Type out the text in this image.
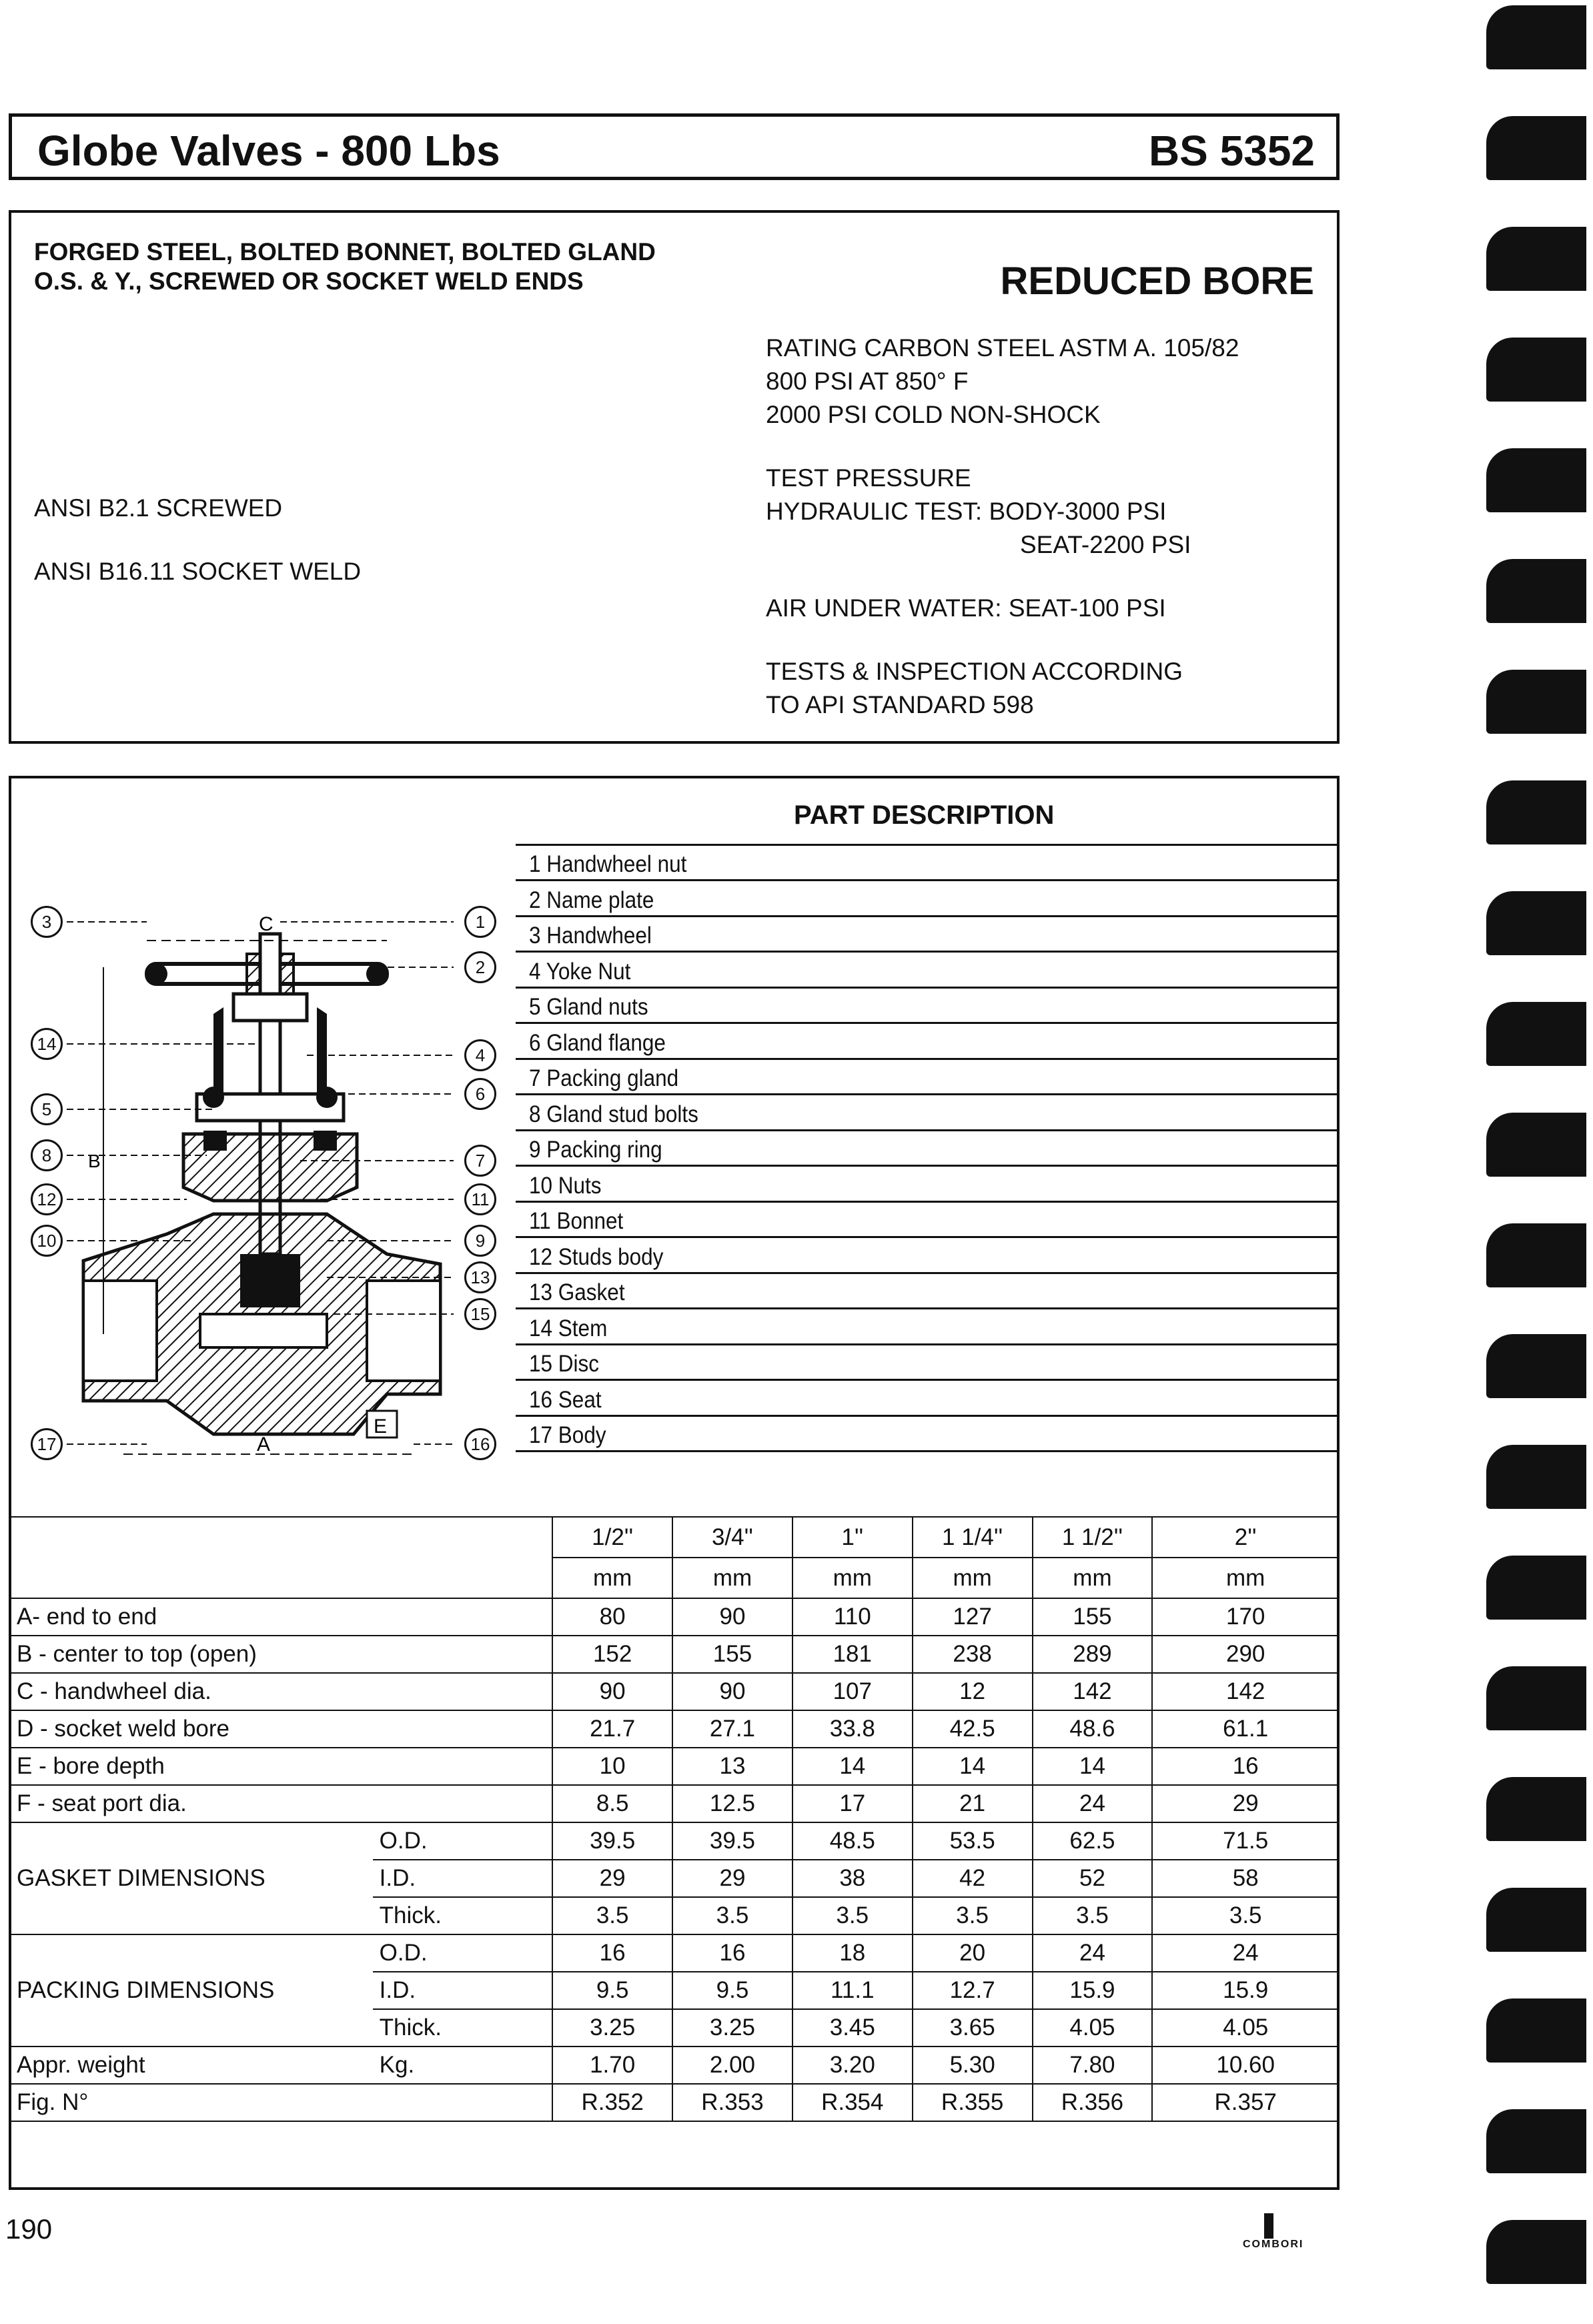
Globe Valves - 800 Lbs	BS 5352
FORGED STEEL, BOLTED BONNET, BOLTED GLAND
O.S. & Y., SCREWED OR SOCKET WELD ENDS	REDUCED BORE
RATING CARBON STEEL ASTM A. 105/82
800 PSI AT 850° F
2000 PSI COLD NON-SHOCK
TEST PRESSURE
HYDRAULIC TEST: BODY-3000 PSI
SEAT-2200 PSI
AIR UNDER WATER: SEAT-100 PSI
TESTS & INSPECTION ACCORDING
TO API STANDARD 598
ANSI B2.1 SCREWED
ANSI B16.11 SOCKET WELD
PART DESCRIPTION
1 Handwheel nut
2 Name plate
3 Handwheel
4 Yoke Nut
5 Gland nuts
6 Gland flange
7 Packing gland
8 Gland stud bolts
9 Packing ring
10 Nuts
11 Bonnet
12 Studs body
13 Gasket
14 Stem
15 Disc
16 Seat
17 Body
B
C
A
E
1
2
3
4
5
6
7
8
9
10
11
12
13
14
15
16
17
		1/2''	3/4''	1''	1 1/4''	1 1/2''	2''
		mm	mm	mm	mm	mm	mm
A- end to end		80	90	110	127	155	170
B - center to top (open)		152	155	181	238	289	290
C - handwheel dia.		90	90	107	12	142	142
D - socket weld bore		21.7	27.1	33.8	42.5	48.6	61.1
E - bore depth		10	13	14	14	14	16
F - seat port dia.		8.5	12.5	17	21	24	29
GASKET DIMENSIONS	O.D.	39.5	39.5	48.5	53.5	62.5	71.5
	I.D.	29	29	38	42	52	58
	Thick.	3.5	3.5	3.5	3.5	3.5	3.5
PACKING DIMENSIONS	O.D.	16	16	18	20	24	24
	I.D.	9.5	9.5	11.1	12.7	15.9	15.9
	Thick.	3.25	3.25	3.45	3.65	4.05	4.05
Appr. weight	Kg.	1.70	2.00	3.20	5.30	7.80	10.60
Fig. N°		R.352	R.353	R.354	R.355	R.356	R.357
190	COMBORI
